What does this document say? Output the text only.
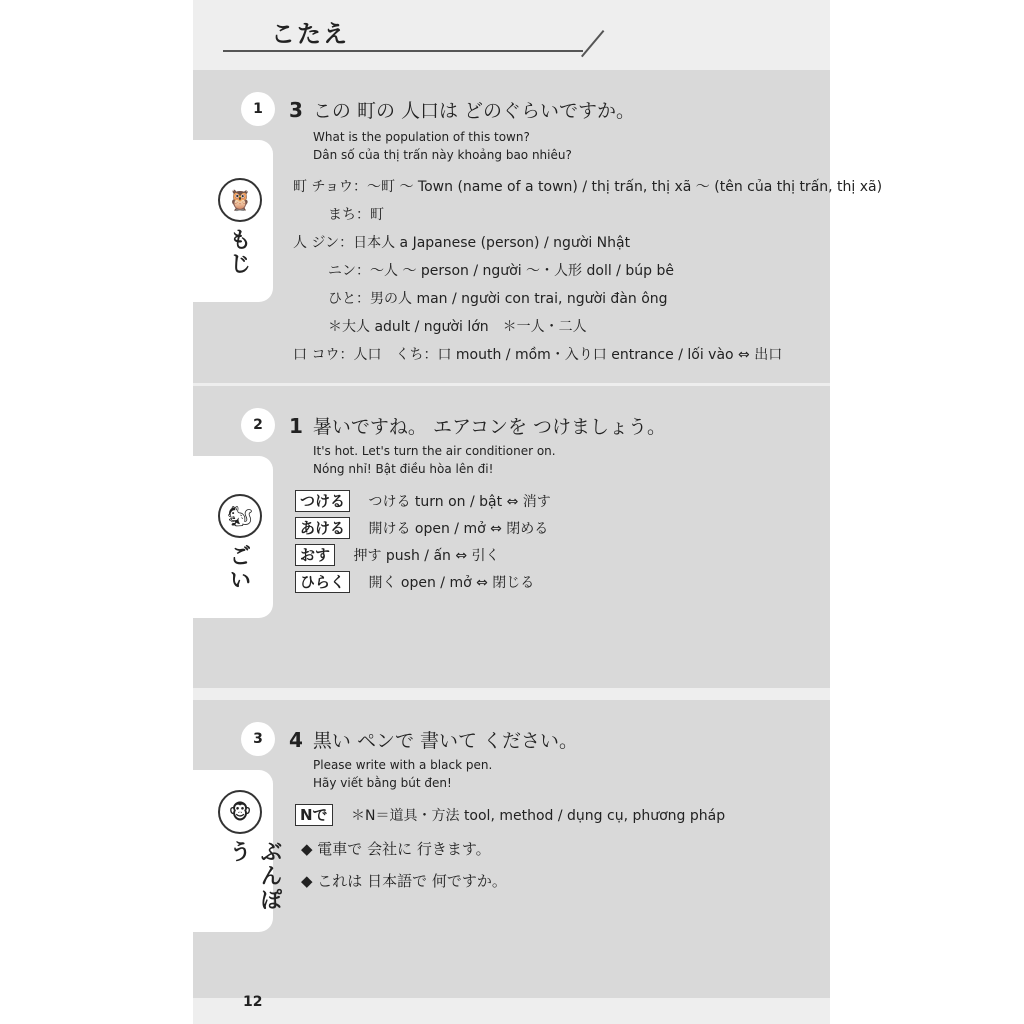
こたえ
1
🦉
もじ
3 この 町の 人口は どのぐらいですか。
What is the population of this town?
Dân số của thị trấn này khoảng bao nhiêu?
町 チョウ：～町 ～ Town (name of a town) / thị trấn, thị xã ～ (tên của thị trấn, thị xã)
まち：町
人 ジン：日本人 a Japanese (person) / người Nhật
ニン：～人 ～ person / người ～・人形 doll / búp bê
ひと：男の人 man / người con trai, người đàn ông
＊大人 adult / người lớn　＊一人・二人
口 コウ：人口　くち：口 mouth / mồm・入り口 entrance / lối vào ⇔ 出口
2
🐿
ごい
1 暑いですね。 エアコンを つけましょう。
It's hot. Let's turn the air conditioner on.
Nóng nhỉ! Bật điều hòa lên đi!
つける つける turn on / bật ⇔ 消す
あける 開ける open / mở ⇔ 閉める
おす 押す push / ấn ⇔ 引く
ひらく 開く open / mở ⇔ 閉じる
3
🐵
ぶんぽう
4 黒い ペンで 書いて ください。
Please write with a black pen.
Hãy viết bằng bút đen!
Nで ＊N＝道具・方法 tool, method / dụng cụ, phương pháp
◆ 電車で 会社に 行きます。
◆ これは 日本語で 何ですか。
12
